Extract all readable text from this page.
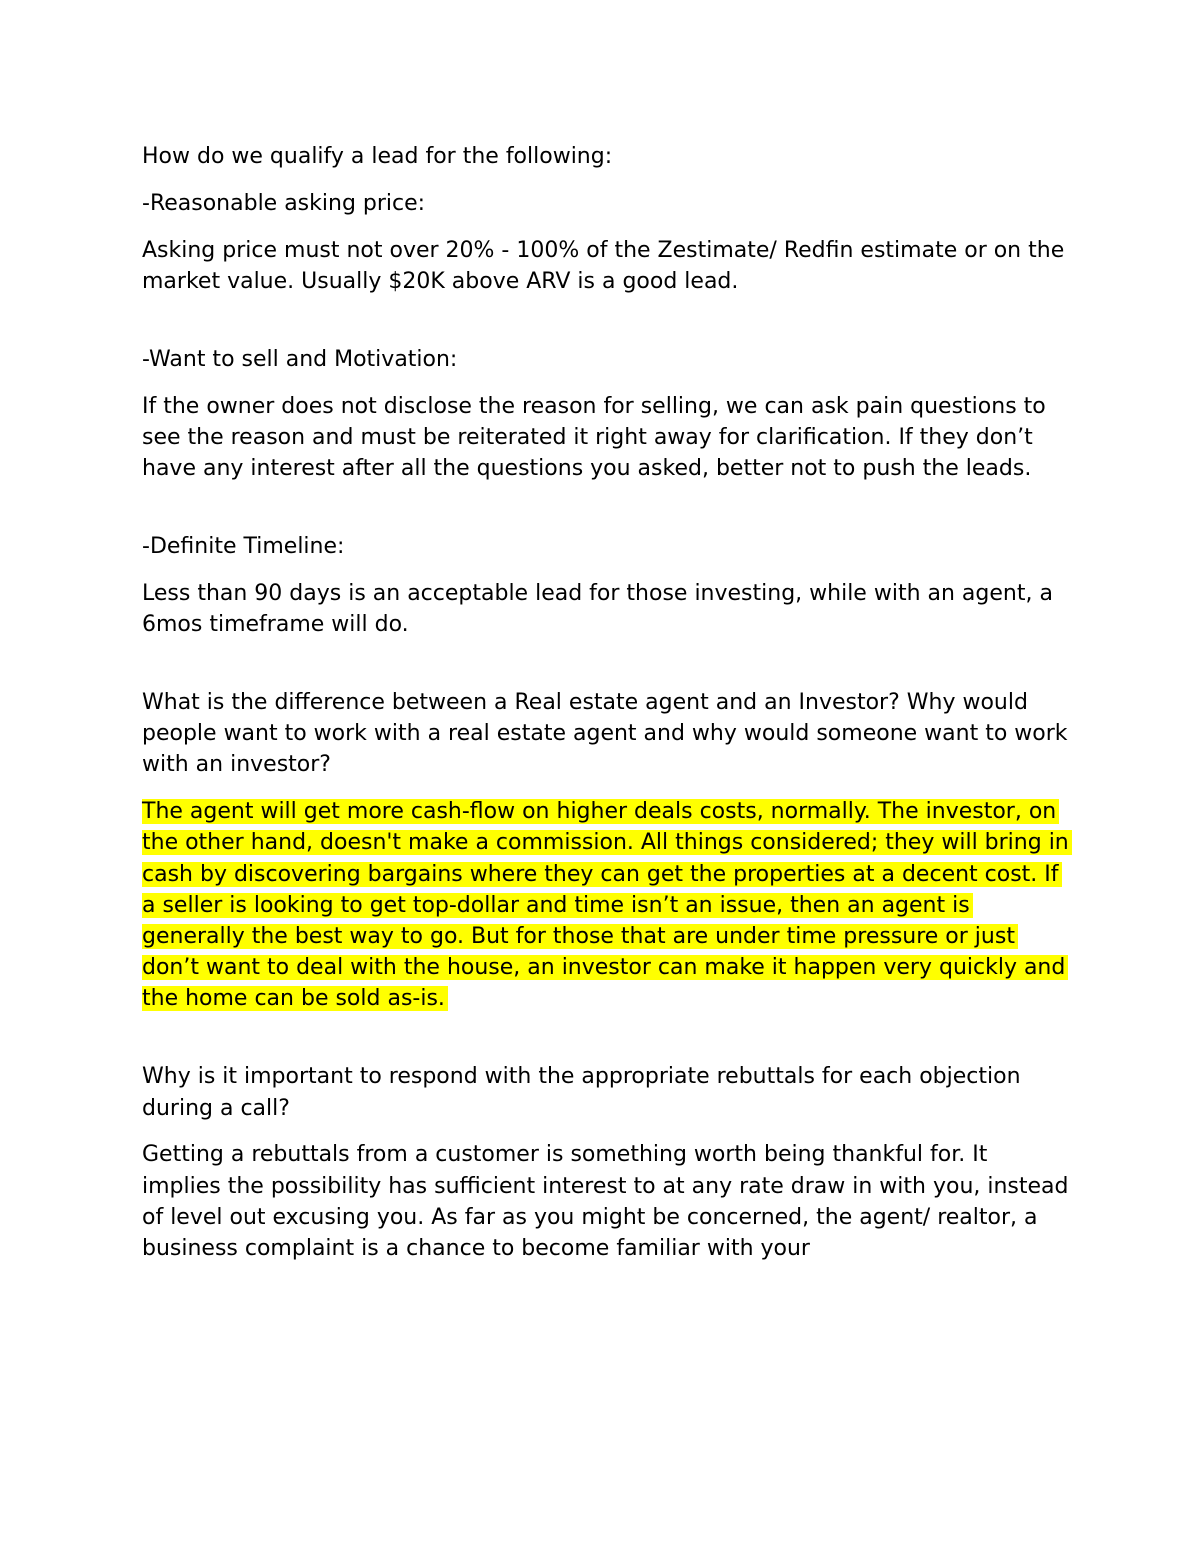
How do we qualify a lead for the following:

-Reasonable asking price:

Asking price must not over 20% - 100% of the Zestimate/ Redfin estimate or on the market value. Usually $20K above ARV is a good lead.

-Want to sell and Motivation:

If the owner does not disclose the reason for selling, we can ask pain questions to see the reason and must be reiterated it right away for clarification. If they don’t have any interest after all the questions you asked, better not to push the leads.

-Definite Timeline:

Less than 90 days is an acceptable lead for those investing, while with an agent, a 6mos timeframe will do.

What is the difference between a Real estate agent and an Investor? Why would people want to work with a real estate agent and why would someone want to work with an investor?

The agent will get more cash-flow on higher deals costs, normally. The investor, on the other hand, doesn't make a commission. All things considered; they will bring in cash by discovering bargains where they can get the properties at a decent cost. If a seller is looking to get top-dollar and time isn’t an issue, then an agent is generally the best way to go. But for those that are under time pressure or just don’t want to deal with the house, an investor can make it happen very quickly and the home can be sold as-is.

Why is it important to respond with the appropriate rebuttals for each objection during a call?

Getting a rebuttals from a customer is something worth being thankful for. It implies the possibility has sufficient interest to at any rate draw in with you, instead of level out excusing you. As far as you might be concerned, the agent/ realtor, a business complaint is a chance to become familiar with your
